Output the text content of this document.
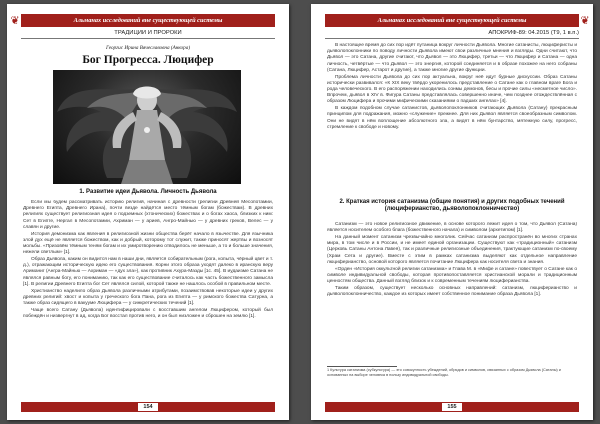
❦	Альманах исследований вне существующей системы
ТРАДИЦИИ И ПРОРОКИ
Георгис Ирина Вячеславовна (Анкора)
Бог Прогресса. Люцифер
1. Развитие идеи Дьявола. Личность Дьявола

Если мы будем рассматривать историю религий, начиная с древности (религии Древней Месопотамии, Древнего Египта, Древнего Ирана), почти везде найдётся место тёмным богам (божествам). В древних религиях существует религиозная идея о подземных (хтонических) божествах и о богах хаоса, близких к ним: Сет в Египте, Нергал в Месопотамии, Ахриман — у ариев, Ангро-Майнью — у древних греков, Велес — у славян и другие.

История демонизма как явления в религиозной жизни общества берёт начало в язычестве. Для язычника злой дух ещё не является божеством, как и добрый, которому тот служит, также приносят жертвы и возносят мольбы. «Призовём тёмным теням богам и их умиротворению отводилось не меньше, а то и больше значения, нежели светлым» [1].

Образ Дьявола, каким он видится нам в наши дни, является собирательным (рога, копыта, чёрный цвет и т. д.), отражающим историческую идею его существования. Корни этого образа уходят далеко в иранскую веру Ариманиг (Ангра-Майнью — Ахриман — «дух зла»), как противник Ахура-Мазды [1с. 45]. В иудаизме Сатана не являлся равным богу, его пониманию, так как его существование считалось как часть божественного замысла [1]. В религии Древнего Египта бог Сет являлся силой, которой также не нашлось особой в правильном месте.

Христианство наделило образ Дьявола различными атрибутами, позаимствовав некоторые идеи у других древних религий: хвост и копыта у греческого бога Пана, рога из Египта — у римского божества Сатурна, а также образ сидящего в вакууме Люцифера — у синкретических течений [1].

Чаще всего Сатану (Дьявола) идентифицировали с восставшим ангелом Люцифером, который был побеждён и низвергнут в ад, когда Бог восстал против него, и он был низложен и сброшен на землю [1].

154
❦
Альманах исследований вне существующей системы
АПОКРИФ-89: 04.2015 (Т9, 1 в.п.)

В настоящее время до сих пор идёт путаница вокруг личности Дьявола. Многие сатанисты, люциферисты и дьяволопоклонники по поводу личности Дьявола имеют свои различные мнения и взгляды. Одни считают, что Дьявол — это Сатана, другие считают, что Дьявол — это Люцифер, третьи — что Люцифер и Сатана — одна личность, четвёртые — что Дьявол — это энергия, которой соединяется и в образе похожее на него собраны (Сатана, Люцифер, Астарот и другие), а также многие другие функции.

Проблема личности Дьявола до сих пор актуальна, вокруг неё идут бурные дискуссии. Образ Сатаны исторически развивался: «К XIX веку твёрдо укоренилось представление о Сатане как о главном враге Бога и рода человеческого. В его распоряжении находились сонмы демонов, бесы и прочие силы «несметное число». Впрочем, дьявол в XIV в. Фигура Сатаны представлялась совершенно иначе, чем позднее отождествлённая с образом Люцифера и прочими мифическими сказаниями о падших ангелах» [4].

В каждом подобном случае сатанистов, дьяволопоклонников считающих Дьявола (Сатану) прекрасным принципом для подражания, можно «служение» прежнее. Для них Дьявол является своеобразным символом. Они не видят в нём воплощение абсолютного зла, а видят в нём бунтарство, мятежную силу, прогресс, стремление к свободе и новому.

2. Краткая история сатанизма (общие понятия) и других подобных течений (люциферианство, дьяволопоклонничество)

Сатанизм — это новое религиозное движение, в основе которого лежит идея о том, что Дьявол (Сатана) является носителем особого блага (божественного начала) и символом (архетипом) [1].

На данный момент сатанизм чрезвычайно многолик. Сейчас сатанизм распространён во многих странах мира, в том числе и в России, и не имеет единой организации. Существуют как «традиционный» сатанизм (Церковь Сатаны Антона Лавея), так и различные религиозные объединения, трактующие сатанизм по-своему (Храм Сета и другие). Вместе с этим в рамках сатанизма выделяют как отдельное направление люциферианство, основой которого является почитание Люцифера как носителя света и знания.

«Орден «История оккультной религии сатанизма» и Глава М. в «Мифе и сатане» повествует о Сатане как о символе индивидуальной свободы, которая противопоставляется христианской морали и традиционным ценностям общества. Данный взгляд близок и к современным течениям люциферианства.

Таким образом, существует несколько основных направлений: сатанизм, люциферианство и дьяволопоклонничество, каждое из которых имеет собственное понимание образа Дьявола [1].

1 Культура сатанизма (субкультура) — это совокупность убеждений, обрядов и символов, связанных с образом Дьявола (Сатаны) и основанных на выборе человека в пользу индивидуальной свободы.
155
